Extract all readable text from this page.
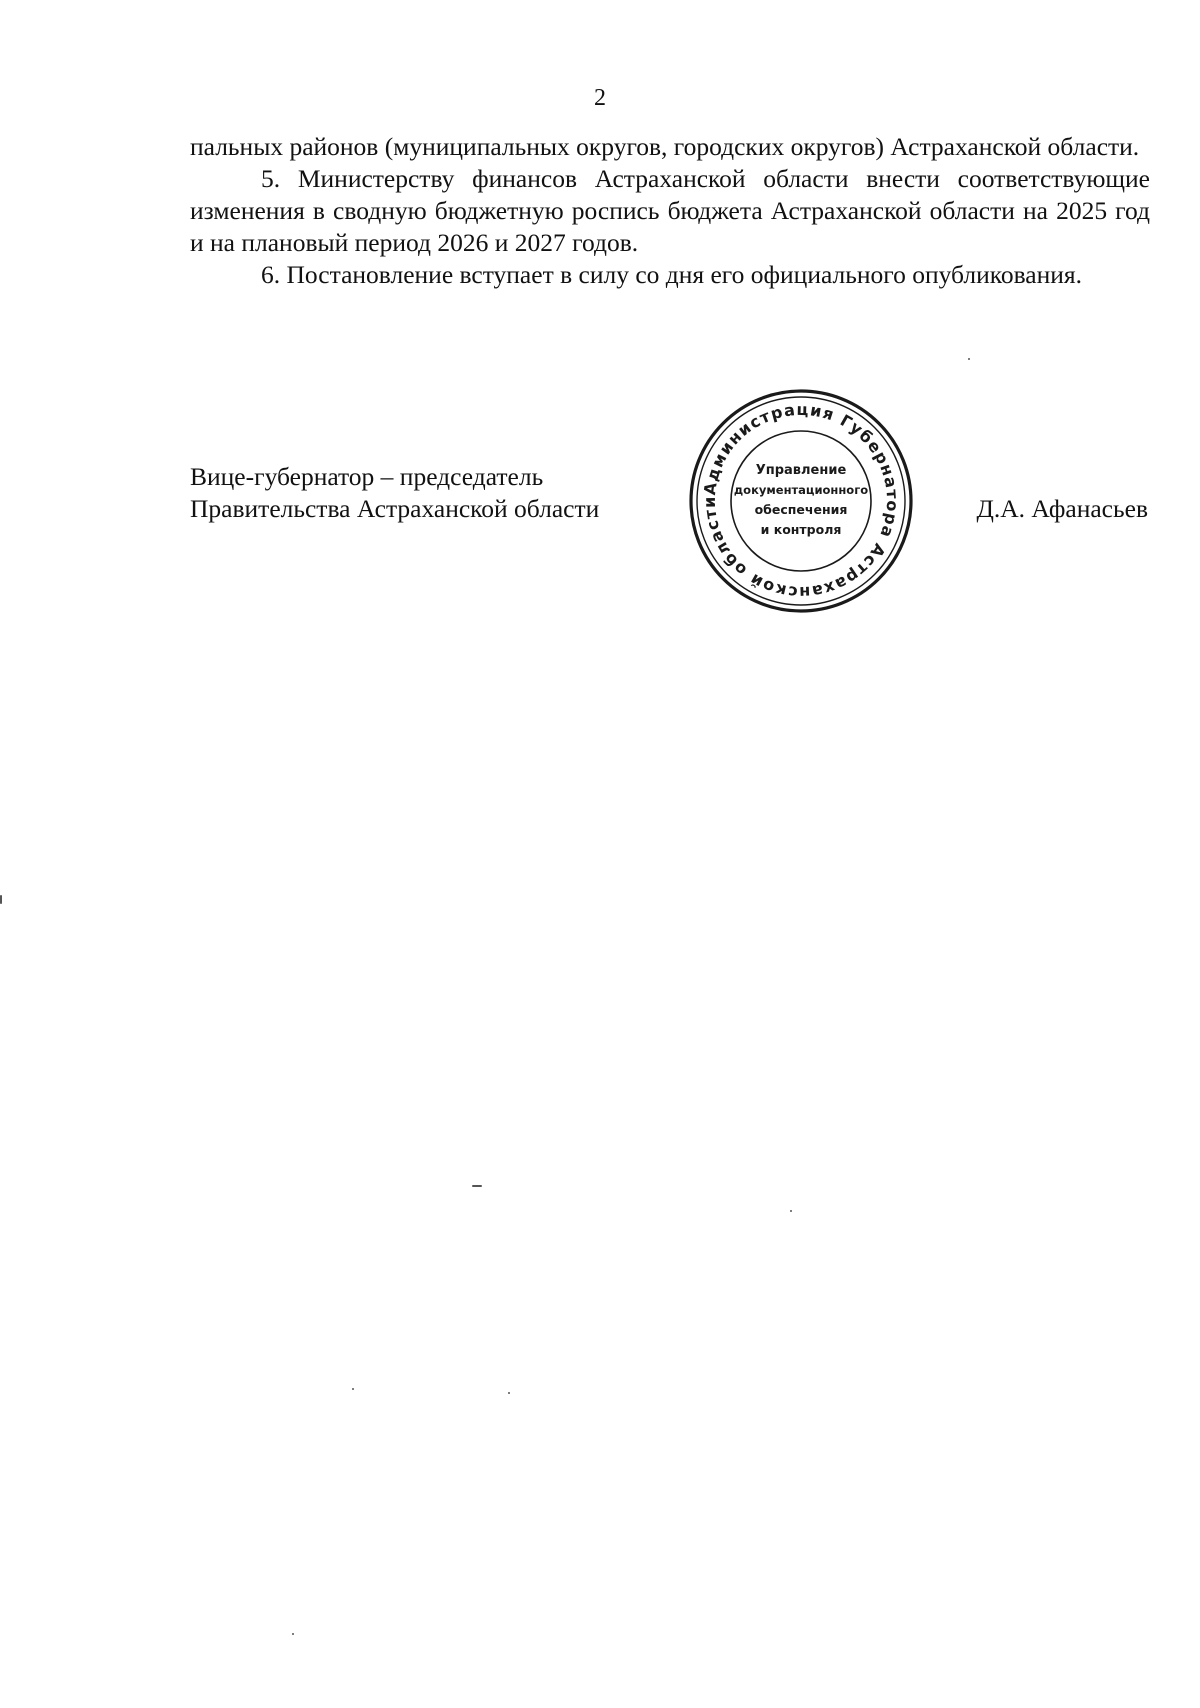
2

пальных районов (муниципальных округов, городских округов) Астраханской области.

5. Министерству финансов Астраханской области внести соответствующие изменения в сводную бюджетную роспись бюджета Астраханской области на 2025 год и на плановый период 2026 и 2027 годов.

6. Постановление вступает в силу со дня его официального опубликования.

Вице-губернатор – председатель
Правительства Астраханской области
Администрация Губернатора Астраханской области
Управление
документационного
обеспечения
и контроля
Д.А. Афанасьев
